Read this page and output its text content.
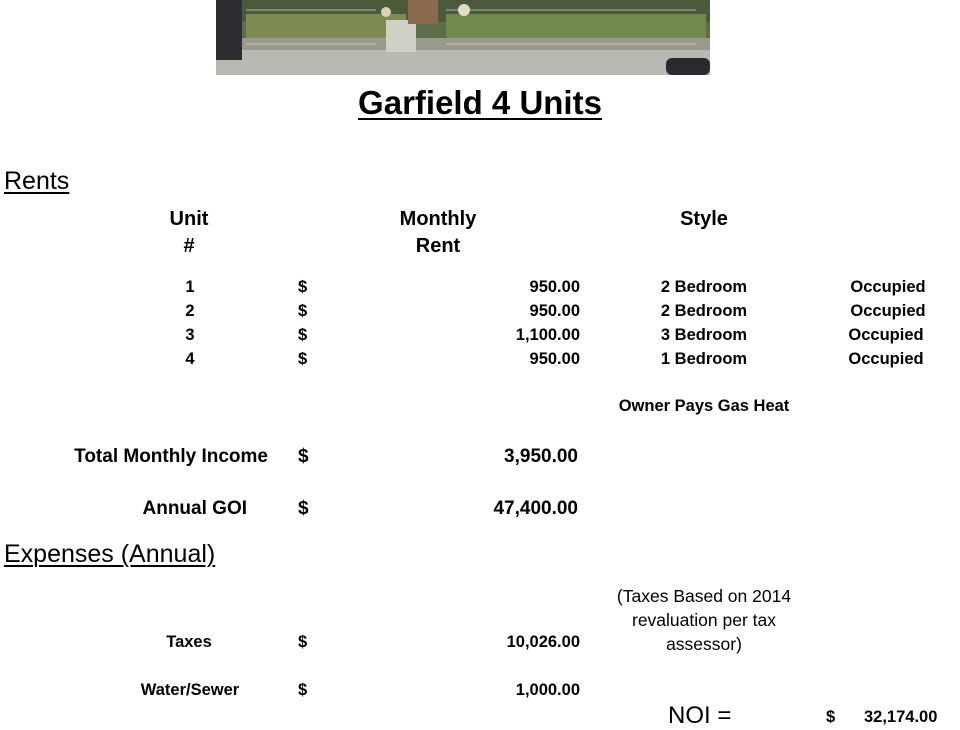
Garfield 4 Units
Rents
Unit
#
Monthly
Rent
Style
1	$	950.00	2 Bedroom	Occupied
2	$	950.00	2 Bedroom	Occupied
3	$	1,100.00	3 Bedroom	Occupied
4	$	950.00	1 Bedroom	Occupied
Owner Pays Gas Heat
Total Monthly Income $	3,950.00
Annual GOI	$	47,400.00
Expenses (Annual)
(Taxes Based on 2014
revaluation per tax
assessor)
Taxes	$	10,026.00
Water/Sewer	$	1,000.00
NOI =	$ 32,174.00
